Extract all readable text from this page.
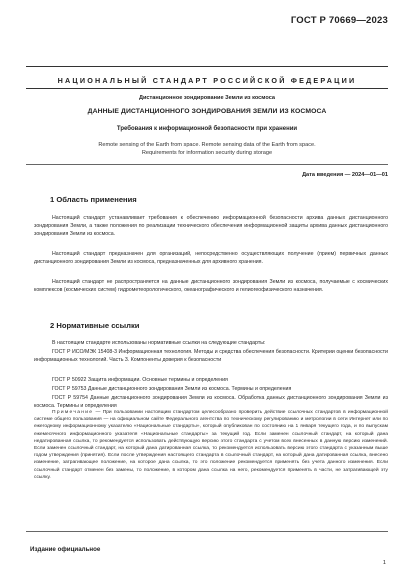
ГОСТ Р 70669—2023
НАЦИОНАЛЬНЫЙ СТАНДАРТ РОССИЙСКОЙ ФЕДЕРАЦИИ
Дистанционное зондирование Земли из космоса
ДАННЫЕ ДИСТАНЦИОННОГО ЗОНДИРОВАНИЯ ЗЕМЛИ ИЗ КОСМОСА
Требования к информационной безопасности при хранении
Remote sensing of the Earth from space. Remote sensing data of the Earth from space.
Requirements for information security during storage
Дата введения — 2024—01—01
1 Область применения
Настоящий стандарт устанавливает требования к обеспечению информационной безопасности архива данных дистанционного зондирования Земли, а также положения по реализации технического обеспечения информационной защиты архива данных дистанционного зондирования Земли из космоса.
Настоящий стандарт предназначен для организаций, непосредственно осуществляющих получение (прием) первичных данных дистанционного зондирования Земли из космоса, предназначенных для архивного хранения.
Настоящий стандарт не распространяется на данные дистанционного зондирования Земли из космоса, получаемые с космических комплексов (космических систем) гидрометеорологического, океанографического и гелиогеофизического назначения.
2 Нормативные ссылки
В настоящем стандарте использованы нормативные ссылки на следующие стандарты:
ГОСТ Р ИСО/МЭК 15408-3 Информационная технология. Методы и средства обеспечения безопасности. Критерии оценки безопасности информационных технологий. Часть 3. Компоненты доверия к безопасности
ГОСТ Р 50922 Защита информации. Основные термины и определения
ГОСТ Р 59753 Данные дистанционного зондирования Земли из космоса. Термины и определения
ГОСТ Р 59754 Данные дистанционного зондирования Земли из космоса. Обработка данных дистанционного зондирования Земли из космоса. Термины и определения
Примечание — При пользовании настоящим стандартом целесообразно проверить действие ссылочных стандартов в информационной системе общего пользования — на официальном сайте Федерального агентства по техническому регулированию и метрологии в сети Интернет или по ежегодному информационному указателю «Национальные стандарты», который опубликован по состоянию на 1 января текущего года, и по выпускам ежемесячного информационного указателя «Национальные стандарты» за текущий год. Если заменен ссылочный стандарт, на который дана недатированная ссылка, то рекомендуется использовать действующую версию этого стандарта с учетом всех внесенных в данную версию изменений. Если заменен ссылочный стандарт, на который дана датированная ссылка, то рекомендуется использовать версию этого стандарта с указанным выше годом утверждения (принятия). Если после утверждения настоящего стандарта в ссылочный стандарт, на который дана датированная ссылка, внесено изменение, затрагивающее положение, на которое дана ссылка, то это положение рекомендуется применять без учета данного изменения. Если ссылочный стандарт отменен без замены, то положение, в котором дана ссылка на него, рекомендуется применять в части, не затрагивающей эту ссылку.
Издание официальное
1
